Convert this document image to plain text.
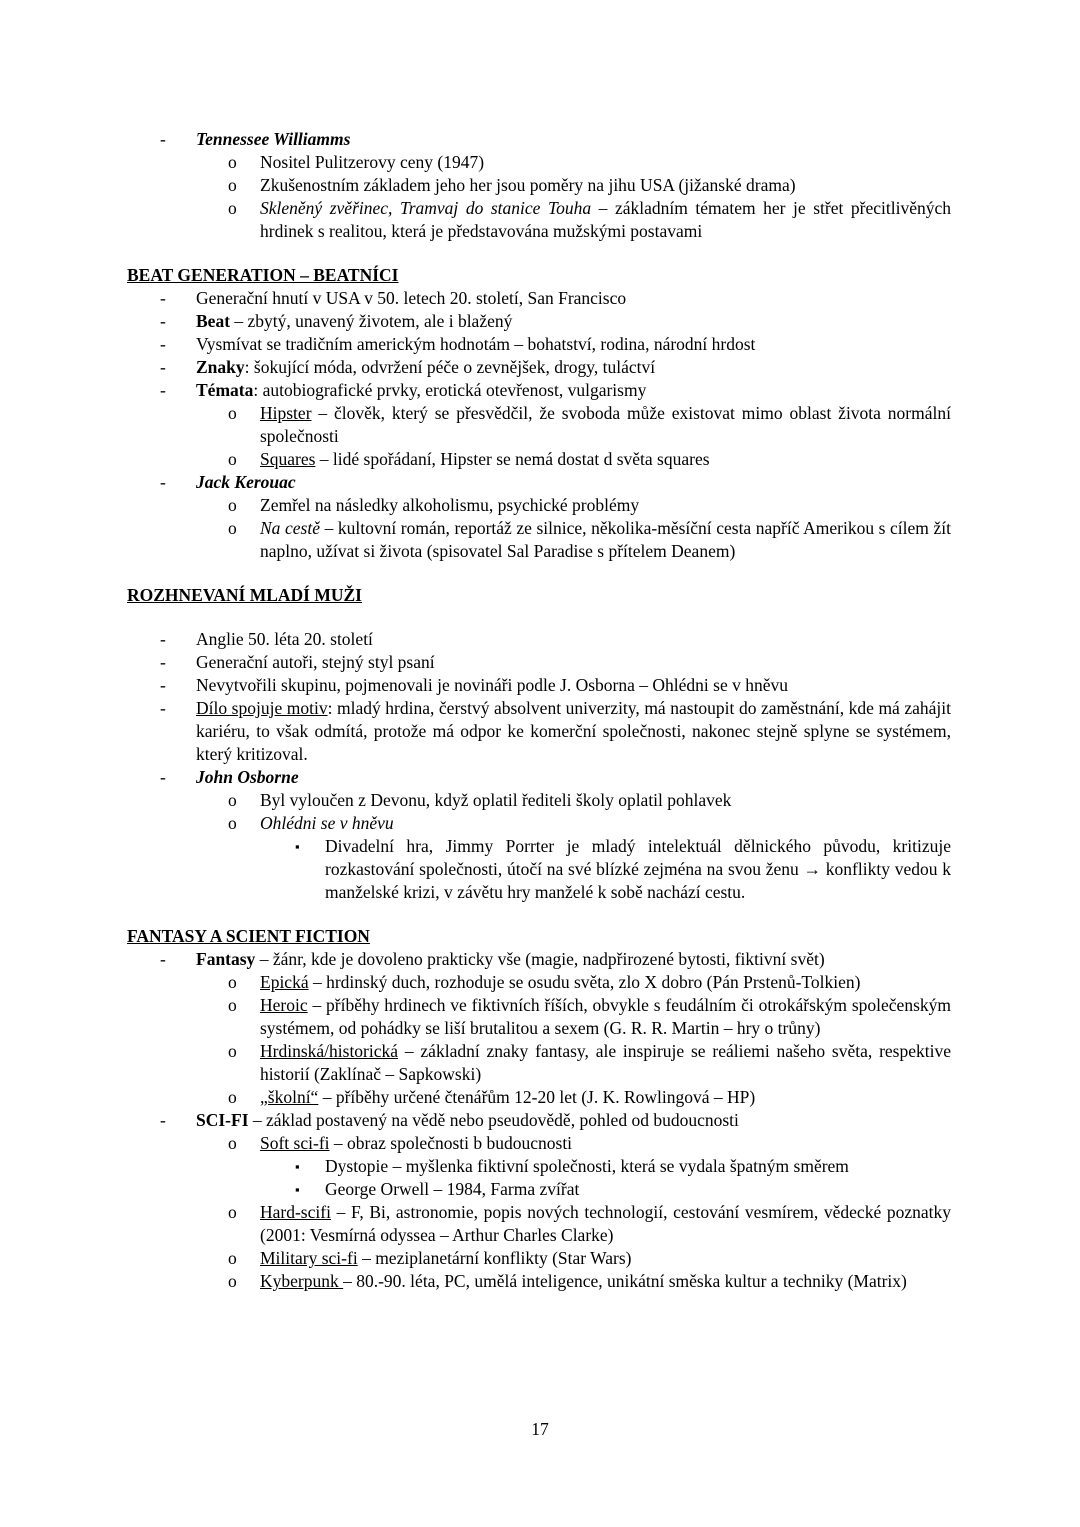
-	Tennessee Williamms
o	Nositel Pulitzerovy ceny (1947)
o	Zkušenostním základem jeho her jsou poměry na jihu USA (jižanské drama)
o	Skleněný zvěřinec, Tramvaj do stanice Touha – základním tématem her je střet přecitlivěných hrdinek s realitou, která je představována mužskými postavami
BEAT GENERATION – BEATNÍCI
-	Generační hnutí v USA v 50. letech 20. století, San Francisco
-	Beat – zbytý, unavený životem, ale i blažený
-	Vysmívat se tradičním americkým hodnotám – bohatství, rodina, národní hrdost
-	Znaky: šokující móda, odvržení péče o zevnějšek, drogy, tuláctví
-	Témata: autobiografické prvky, erotická otevřenost, vulgarismy
o	Hipster – člověk, který se přesvědčil, že svoboda může existovat mimo oblast života normální společnosti
o	Squares – lidé spořádaní, Hipster se nemá dostat d světa squares
-	Jack Kerouac
o	Zemřel na následky alkoholismu, psychické problémy
o	Na cestě – kultovní román, reportáž ze silnice, několika-měsíční cesta napříč Amerikou s cílem žít naplno, užívat si života (spisovatel Sal Paradise s přítelem Deanem)
ROZHNEVANÍ MLADÍ MUŽI
-	Anglie 50. léta 20. století
-	Generační autoři, stejný styl psaní
-	Nevytvořili skupinu, pojmenovali je novináři podle J. Osborna – Ohlédni se v hněvu
-	Dílo spojuje motiv: mladý hrdina, čerstvý absolvent univerzity, má nastoupit do zaměstnání, kde má zahájit kariéru, to však odmítá, protože má odpor ke komerční společnosti, nakonec stejně splyne se systémem, který kritizoval.
-	John Osborne
o	Byl vyloučen z Devonu, když oplatil řediteli školy oplatil pohlavek
o	Ohlédni se v hněvu
▪	Divadelní hra, Jimmy Porrter je mladý intelektuál dělnického původu, kritizuje rozkastování společnosti, útočí na své blízké zejména na svou ženu → konflikty vedou k manželské krizi, v závětu hry manželé k sobě nachází cestu.
FANTASY A SCIENT FICTION
-	Fantasy – žánr, kde je dovoleno prakticky vše (magie, nadpřirozené bytosti, fiktivní svět)
o	Epická – hrdinský duch, rozhoduje se osudu světa, zlo X dobro (Pán Prstenů-Tolkien)
o	Heroic – příběhy hrdinech ve fiktivních říších, obvykle s feudálním či otrokářským společenským systémem, od pohádky se liší brutalitou a sexem (G. R. R. Martin – hry o trůny)
o	Hrdinská/historická – základní znaky fantasy, ale inspiruje se reáliemi našeho světa, respektive historií (Zaklínač – Sapkowski)
o	„školní“ – příběhy určené čtenářům 12-20 let (J. K. Rowlingová – HP)
-	SCI-FI – základ postavený na vědě nebo pseudovědě, pohled od budoucnosti
o	Soft sci-fi – obraz společnosti b budoucnosti
▪	Dystopie – myšlenka fiktivní společnosti, která se vydala špatným směrem
▪	George Orwell – 1984, Farma zvířat
o	Hard-scifi – F, Bi, astronomie, popis nových technologií, cestování vesmírem, vědecké poznatky (2001: Vesmírná odyssea – Arthur Charles Clarke)
o	Military sci-fi – meziplanetární konflikty (Star Wars)
o	Kyberpunk – 80.-90. léta, PC, umělá inteligence, unikátní směska kultur a techniky (Matrix)
17
